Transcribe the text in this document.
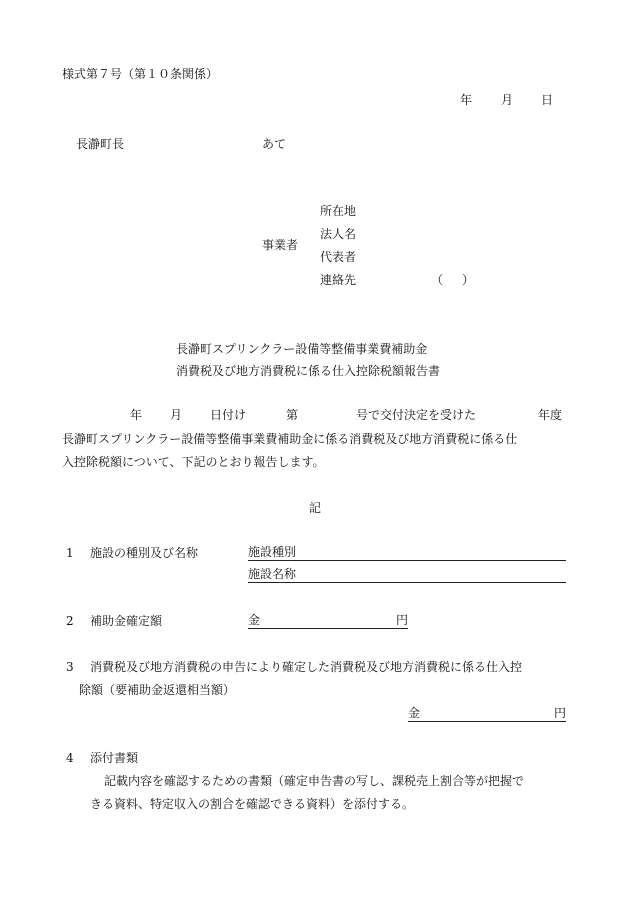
様式第７号（第１０条関係）
年 月 日
長瀞町長	あて
事業者
所在地
法人名
代表者
連絡先	（ ）
長瀞町スプリンクラー設備等整備事業費補助金
消費税及び地方消費税に係る仕入控除税額報告書
年 月 日付け	第	号で交付決定を受けた	年度
長瀞町スプリンクラー設備等整備事業費補助金に係る消費税及び地方消費税に係る仕
入控除税額について、下記のとおり報告します。
記
1 施設の種別及び名称	施設種別
施設名称
2 補助金確定額	金	円
3 消費税及び地方消費税の申告により確定した消費税及び地方消費税に係る仕入控
除額（要補助金返還相当額）
金	円
4 添付書類
記載内容を確認するための書類（確定申告書の写し、課税売上割合等が把握で
きる資料、特定収入の割合を確認できる資料）を添付する。
